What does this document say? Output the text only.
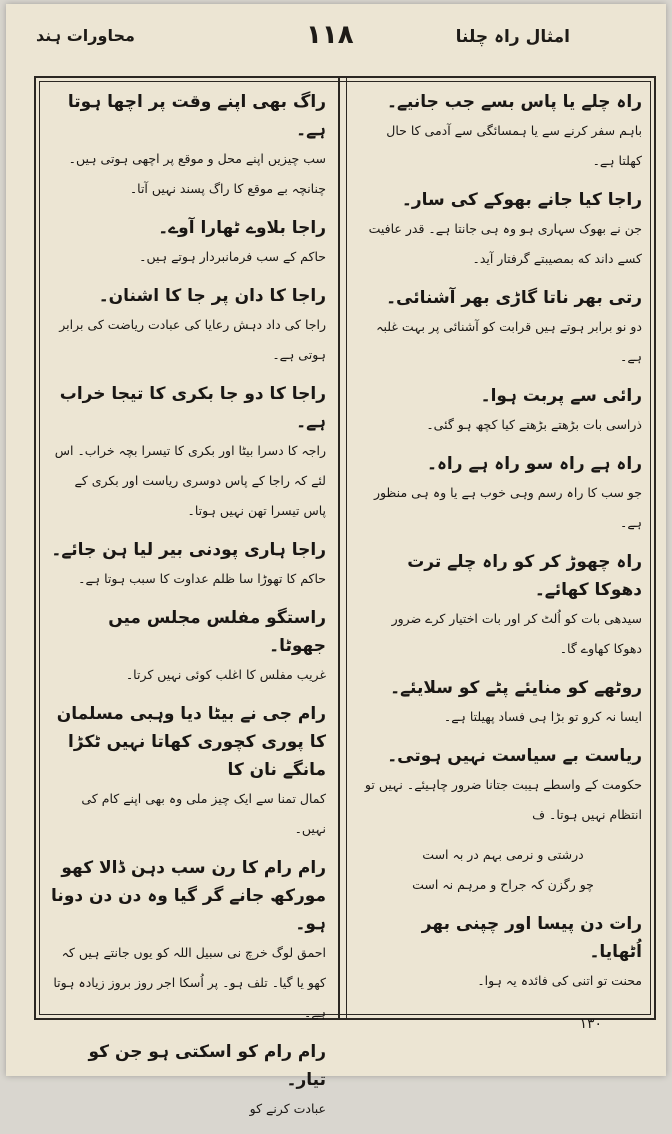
امثال راہ چلنا
۱۱۸
محاورات ہند
راہ چلے یا پاس بسے جب جانیے۔
باہم سفر کرنے سے یا ہمسائگی سے آدمی کا حال کھلتا ہے۔
راجا کیا جانے بھوکے کی سار۔
جن نے بھوک سہاری ہو وہ ہی جانتا ہے۔ قدر عافیت کسے داند که بمصیبتے گرفتار آید۔
رتی بھر ناتا گاڑی بھر آشنائی۔
دو نو برابر ہوتے ہیں قرابت کو آشنائی پر بہت غلبہ ہے۔
رائی سے پربت ہوا۔
ذراسی بات بڑھتے بڑھتے کیا کچھ ہو گئی۔
راہ ہے راہ سو راہ ہے راہ۔
جو سب کا راہ رسم وہی خوب ہے یا وہ ہی منظور ہے۔
راہ چھوڑ کر کو راہ چلے ترت دھوکا کھائے۔
سیدھی بات کو اُلٹ کر اور بات اختیار کرے ضرور دھوکا کھاوے گا۔
روٹھے کو منایئے پٹے کو سلایئے۔
ایسا نہ کرو تو بڑا ہی فساد پھیلتا ہے۔
ریاست بے سیاست نہیں ہوتی۔
حکومت کے واسطے ہیبت جتانا ضرور چاہیئے۔ نہیں تو انتظام نہیں ہوتا۔ ف
درشتی و نرمی بہم در بہ است
چو رگزن کہ جراح و مرہم نہ است
رات دن پیسا اور چپنی بھر اُٹھایا۔
محنت تو اتنی کی فائدہ یہ ہوا۔
راگ بھی اپنے وقت پر اچھا ہوتا ہے۔
سب چیزیں اپنے محل و موقع پر اچھی ہوتی ہیں۔ چنانچہ بے موقع کا راگ پسند نہیں آتا۔
راجا بلاوے ٹھارا آوے۔
حاکم کے سب فرمانبردار ہوتے ہیں۔
راجا کا دان پر جا کا اشنان۔
راجا کی داد دہش رعایا کی عبادت ریاضت کی برابر ہوتی ہے۔
راجا کا دو جا بکری کا تیجا خراب ہے۔
راجہ کا دسرا بیٹا اور بکری کا تیسرا بچہ خراب۔ اس لئے کہ راجا کے پاس دوسری ریاست اور بکری کے پاس تیسرا تھن نہیں ہوتا۔
راجا ہاری پودنی بیر لیا ہن جائے۔
حاکم کا تھوڑا سا ظلم عداوت کا سبب ہوتا ہے۔
راستگو مفلس مجلس میں جھوٹا۔
غریب مفلس کا اغلب کوئی نہیں کرتا۔
رام جی نے بیٹا دیا وہبی مسلمان کا پوری کچوری کھاتا نہیں ٹکڑا مانگے نان کا
کمال تمنا سے ایک چیز ملی وہ بھی اپنے کام کی نہیں۔
رام رام کا رن سب دہن ڈالا کھو مورکھ جانے گر گیا وہ دن دن دونا ہو۔
احمق لوگ خرچ نی سبیل اللہ کو یوں جانتے ہیں کہ کھو یا گیا۔ تلف ہو۔ پر اُسکا اجر روز بروز زیادہ ہوتا ہے۔
رام رام کو اسکتی ہو جن کو تیار۔
عبادت کرنے کو
۱۳۰
